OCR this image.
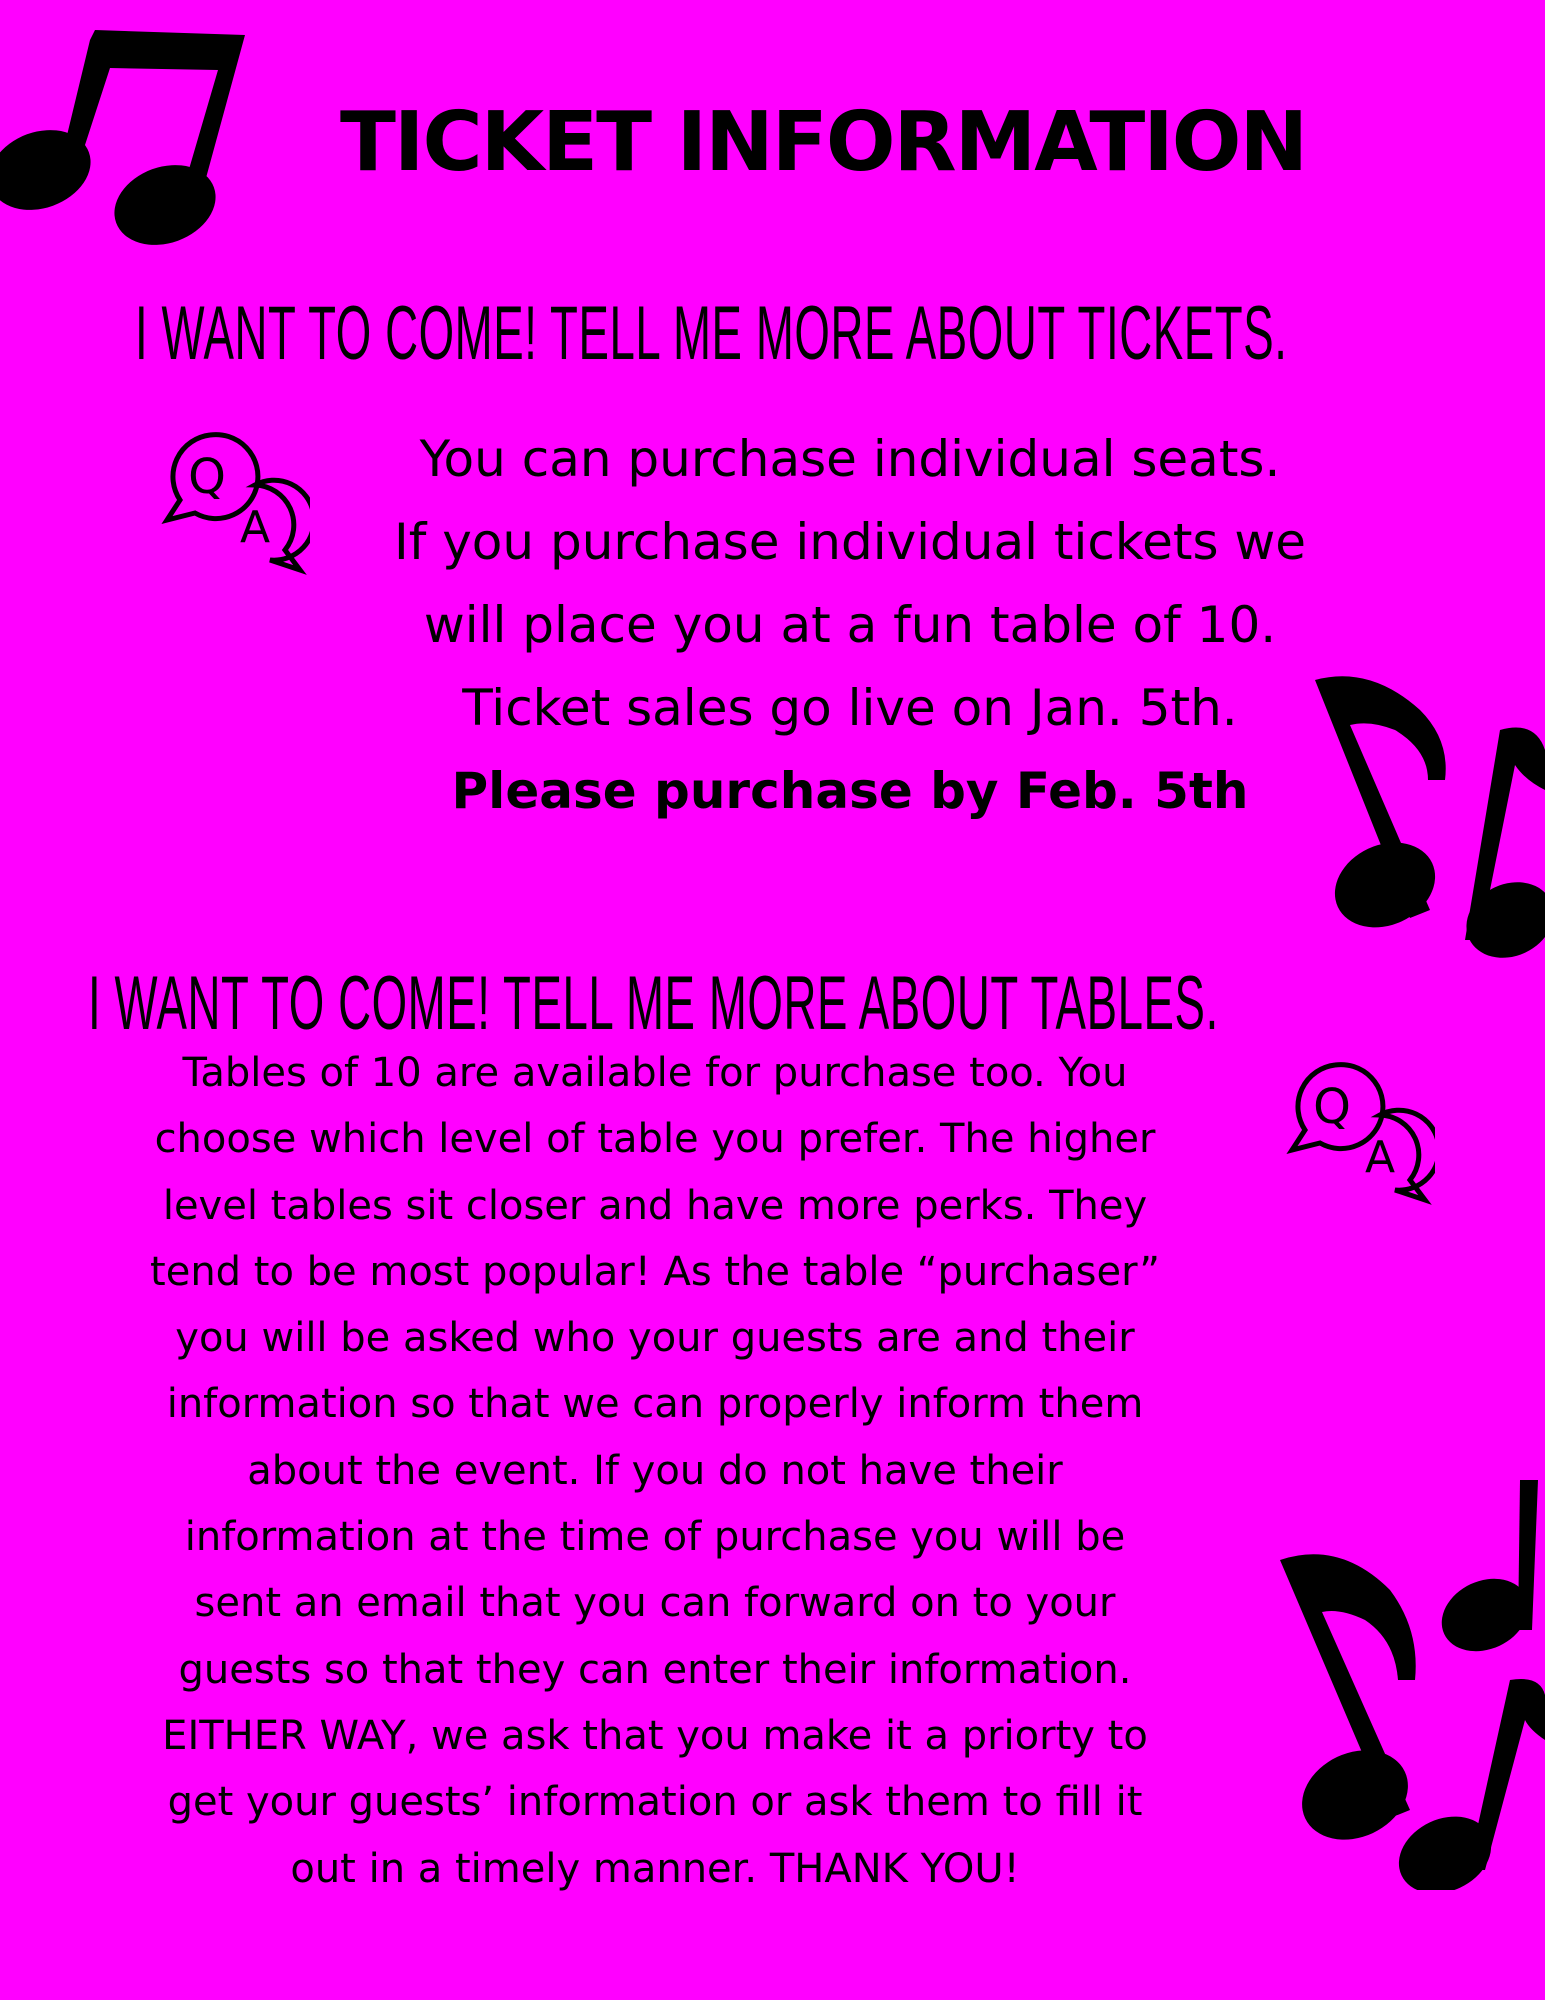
Q
A
Q
A
TICKET INFORMATION
I WANT TO COME! TELL ME MORE ABOUT TICKETS.
You can purchase individual seats.
If you purchase individual tickets we
will place you at a fun table of 10.
Ticket sales go live on Jan. 5th.
Please purchase by Feb. 5th
I WANT TO COME! TELL ME MORE ABOUT TABLES.
Tables of 10 are available for purchase too. You
choose which level of table you prefer. The higher
level tables sit closer and have more perks. They
tend to be most popular! As the table “purchaser”
you will be asked who your guests are and their
information so that we can properly inform them
about the event. If you do not have their
information at the time of purchase you will be
sent an email that you can forward on to your
guests so that they can enter their information.
EITHER WAY, we ask that you make it a priorty to
get your guests’ information or ask them to fill it
out in a timely manner. THANK YOU!
